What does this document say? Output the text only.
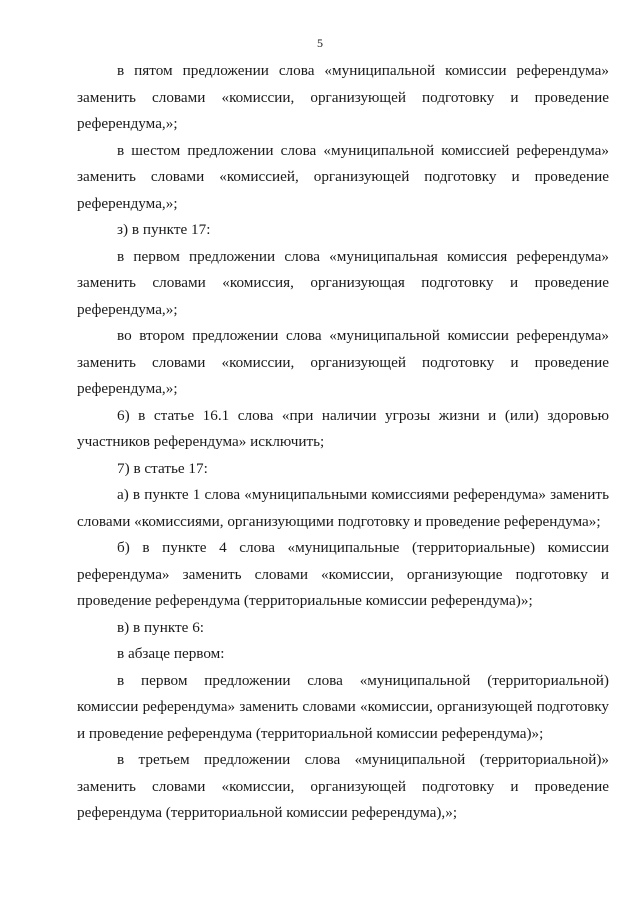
5

в пятом предложении слова «муниципальной комиссии референдума» заменить словами «комиссии, организующей подготовку и проведение референдума,»;

в шестом предложении слова «муниципальной комиссией референдума» заменить словами «комиссией, организующей подготовку и проведение референдума,»;

з) в пункте 17:

в первом предложении слова «муниципальная комиссия референдума» заменить словами «комиссия, организующая подготовку и проведение референдума,»;

во втором предложении слова «муниципальной комиссии референдума» заменить словами «комиссии, организующей подготовку и проведение референдума,»;

6) в статье 16.1 слова «при наличии угрозы жизни и (или) здоровью участников референдума» исключить;

7) в статье 17:

а) в пункте 1 слова «муниципальными комиссиями референдума» заменить словами «комиссиями, организующими подготовку и проведение референдума»;

б) в пункте 4 слова «муниципальные (территориальные) комиссии референдума» заменить словами «комиссии, организующие подготовку и проведение референдума (территориальные комиссии референдума)»;

в) в пункте 6:

в абзаце первом:

в первом предложении слова «муниципальной (территориальной) комиссии референдума» заменить словами «комиссии, организующей подготовку и проведение референдума (территориальной комиссии референдума)»;

в третьем предложении слова «муниципальной (территориальной)» заменить словами «комиссии, организующей подготовку и проведение референдума (территориальной комиссии референдума),»;
